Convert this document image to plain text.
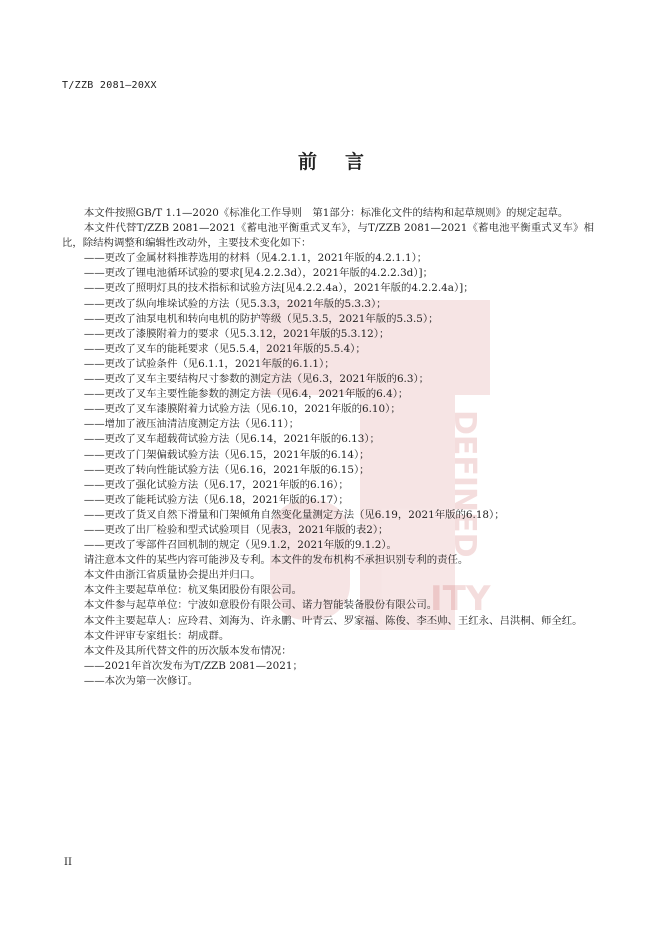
DEFINED
ITY
T/ZZB 2081—20XX
前 言

本文件按照GB/T 1.1—2020《标准化工作导则　第1部分：标准化文件的结构和起草规则》的规定起草。

本文件代替T/ZZB 2081—2021《蓄电池平衡重式叉车》，与T/ZZB 2081—2021《蓄电池平衡重式叉车》相比，除结构调整和编辑性改动外，主要技术变化如下：

——更改了金属材料推荐选用的材料（见4.2.1.1，2021年版的4.2.1.1）；

——更改了锂电池循环试验的要求[见4.2.2.3d），2021年版的4.2.2.3d）]；

——更改了照明灯具的技术指标和试验方法[见4.2.2.4a），2021年版的4.2.2.4a）]；

——更改了纵向堆垛试验的方法（见5.3.3，2021年版的5.3.3）；

——更改了油泵电机和转向电机的防护等级（见5.3.5，2021年版的5.3.5）；

——更改了漆膜附着力的要求（见5.3.12，2021年版的5.3.12）；

——更改了叉车的能耗要求（见5.5.4，2021年版的5.5.4）；

——更改了试验条件（见6.1.1，2021年版的6.1.1）；

——更改了叉车主要结构尺寸参数的测定方法（见6.3，2021年版的6.3）；

——更改了叉车主要性能参数的测定方法（见6.4，2021年版的6.4）；

——更改了叉车漆膜附着力试验方法（见6.10，2021年版的6.10）；

——增加了液压油清洁度测定方法（见6.11）；

——更改了叉车超载荷试验方法（见6.14，2021年版的6.13）；

——更改了门架偏载试验方法（见6.15，2021年版的6.14）；

——更改了转向性能试验方法（见6.16，2021年版的6.15）；

——更改了强化试验方法（见6.17，2021年版的6.16）；

——更改了能耗试验方法（见6.18，2021年版的6.17）；

——更改了货叉自然下滑量和门架倾角自然变化量测定方法（见6.19，2021年版的6.18）；

——更改了出厂检验和型式试验项目（见表3，2021年版的表2）；

——更改了零部件召回机制的规定（见9.1.2，2021年版的9.1.2）。

请注意本文件的某些内容可能涉及专利。本文件的发布机构不承担识别专利的责任。

本文件由浙江省质量协会提出并归口。

本文件主要起草单位：杭叉集团股份有限公司。

本文件参与起草单位：宁波如意股份有限公司、诺力智能装备股份有限公司。

本文件主要起草人：应玲君、刘海为、许永鹏、叶青云、罗家福、陈俊、李丕帅、王红永、吕洪桐、师全红。

本文件评审专家组长：胡成群。

本文件及其所代替文件的历次版本发布情况：

——2021年首次发布为T/ZZB 2081—2021；

——本次为第一次修订。

II
